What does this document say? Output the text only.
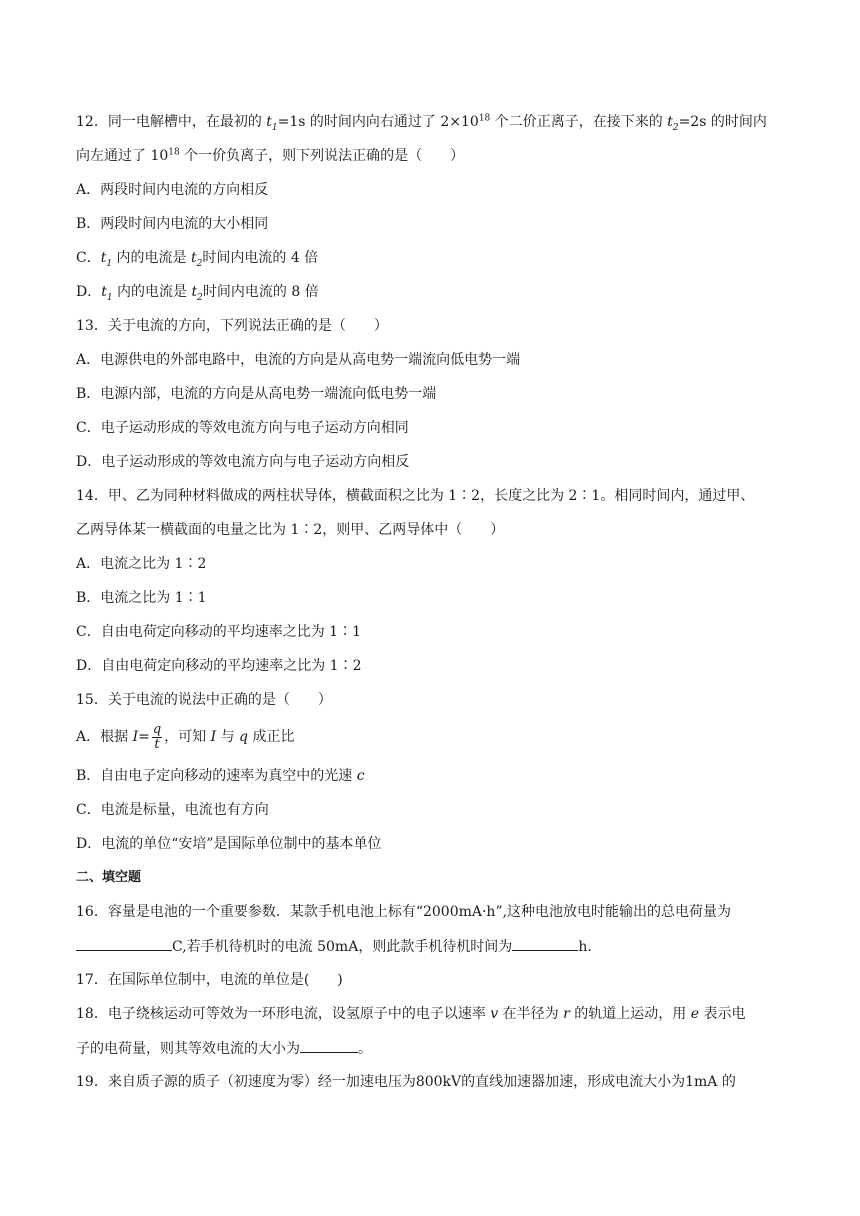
12．同一电解槽中，在最初的 $t_1=1s$ 的时间内向右通过了 $2\times 10^{18}$ 个二价正离子，在接下来的 $t_2=2s$ 的时间内
向左通过了 $10^{18}$ 个一价负离子，则下列说法正确的是（　　）
A．两段时间内电流的方向相反
B．两段时间内电流的大小相同
C．$t_1$ 内的电流是 $t_2$时间内电流的 4 倍
D．$t_1$ 内的电流是 $t_2$时间内电流的 8 倍
13．关于电流的方向，下列说法正确的是（　　）
A．电源供电的外部电路中，电流的方向是从高电势一端流向低电势一端
B．电源内部，电流的方向是从高电势一端流向低电势一端
C．电子运动形成的等效电流方向与电子运动方向相同
D．电子运动形成的等效电流方向与电子运动方向相反
14．甲、乙为同种材料做成的两柱状导体，横截面积之比为 1∶2，长度之比为 2∶1。相同时间内，通过甲、
乙两导体某一横截面的电量之比为 1∶2，则甲、乙两导体中（　　）
A．电流之比为 1∶2
B．电流之比为 1∶1
C．自由电荷定向移动的平均速率之比为 1∶1
D．自由电荷定向移动的平均速率之比为 1∶2
15．关于电流的说法中正确的是（　　）
A．根据 $I= \frac{q}{t}$ ，可知 I 与 q 成正比
B．自由电子定向移动的速率为真空中的光速 c
C．电流是标量，电流也有方向
D．电流的单位“安培”是国际单位制中的基本单位
二、填空题
16．容量是电池的一个重要参数．某款手机电池上标有“2000mA·h”,这种电池放电时能输出的总电荷量为
C,若手机待机时的电流 50mA，则此款手机待机时间为	h．
17．在国际单位制中，电流的单位是(　　)
18．电子绕核运动可等效为一环形电流，设氢原子中的电子以速率 v 在半径为 r 的轨道上运动，用 e 表示电
子的电荷量，则其等效电流的大小为	。
19．来自质子源的质子（初速度为零）经一加速电压为800kV的直线加速器加速，形成电流大小为1mA 的
